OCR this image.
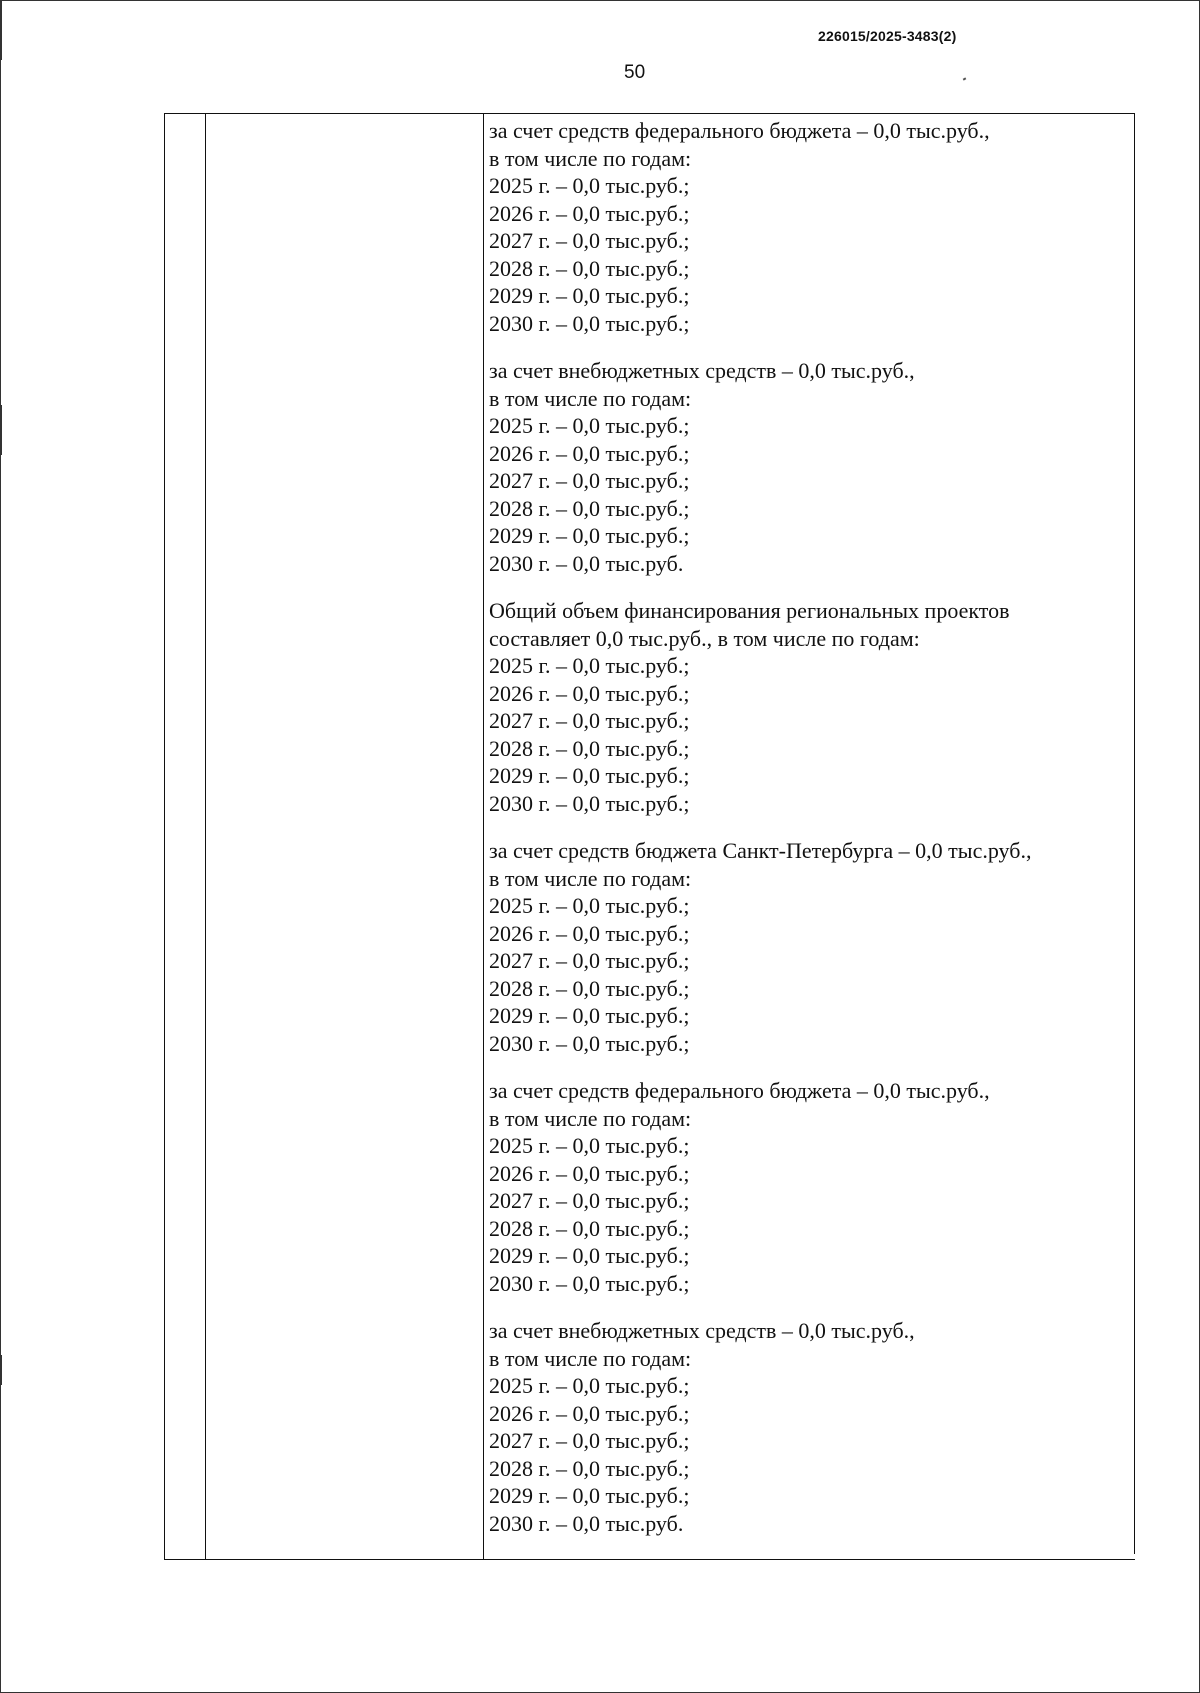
226015/2025-3483(2)
50
за счет средств федерального бюджета – 0,0 тыс.руб.,
в том числе по годам:
2025 г. – 0,0 тыс.руб.;
2026 г. – 0,0 тыс.руб.;
2027 г. – 0,0 тыс.руб.;
2028 г. – 0,0 тыс.руб.;
2029 г. – 0,0 тыс.руб.;
2030 г. – 0,0 тыс.руб.;
за счет внебюджетных средств – 0,0 тыс.руб.,
в том числе по годам:
2025 г. – 0,0 тыс.руб.;
2026 г. – 0,0 тыс.руб.;
2027 г. – 0,0 тыс.руб.;
2028 г. – 0,0 тыс.руб.;
2029 г. – 0,0 тыс.руб.;
2030 г. – 0,0 тыс.руб.
Общий объем финансирования региональных проектов
составляет 0,0 тыс.руб., в том числе по годам:
2025 г. – 0,0 тыс.руб.;
2026 г. – 0,0 тыс.руб.;
2027 г. – 0,0 тыс.руб.;
2028 г. – 0,0 тыс.руб.;
2029 г. – 0,0 тыс.руб.;
2030 г. – 0,0 тыс.руб.;
за счет средств бюджета Санкт-Петербурга – 0,0 тыс.руб.,
в том числе по годам:
2025 г. – 0,0 тыс.руб.;
2026 г. – 0,0 тыс.руб.;
2027 г. – 0,0 тыс.руб.;
2028 г. – 0,0 тыс.руб.;
2029 г. – 0,0 тыс.руб.;
2030 г. – 0,0 тыс.руб.;
за счет средств федерального бюджета – 0,0 тыс.руб.,
в том числе по годам:
2025 г. – 0,0 тыс.руб.;
2026 г. – 0,0 тыс.руб.;
2027 г. – 0,0 тыс.руб.;
2028 г. – 0,0 тыс.руб.;
2029 г. – 0,0 тыс.руб.;
2030 г. – 0,0 тыс.руб.;
за счет внебюджетных средств – 0,0 тыс.руб.,
в том числе по годам:
2025 г. – 0,0 тыс.руб.;
2026 г. – 0,0 тыс.руб.;
2027 г. – 0,0 тыс.руб.;
2028 г. – 0,0 тыс.руб.;
2029 г. – 0,0 тыс.руб.;
2030 г. – 0,0 тыс.руб.
